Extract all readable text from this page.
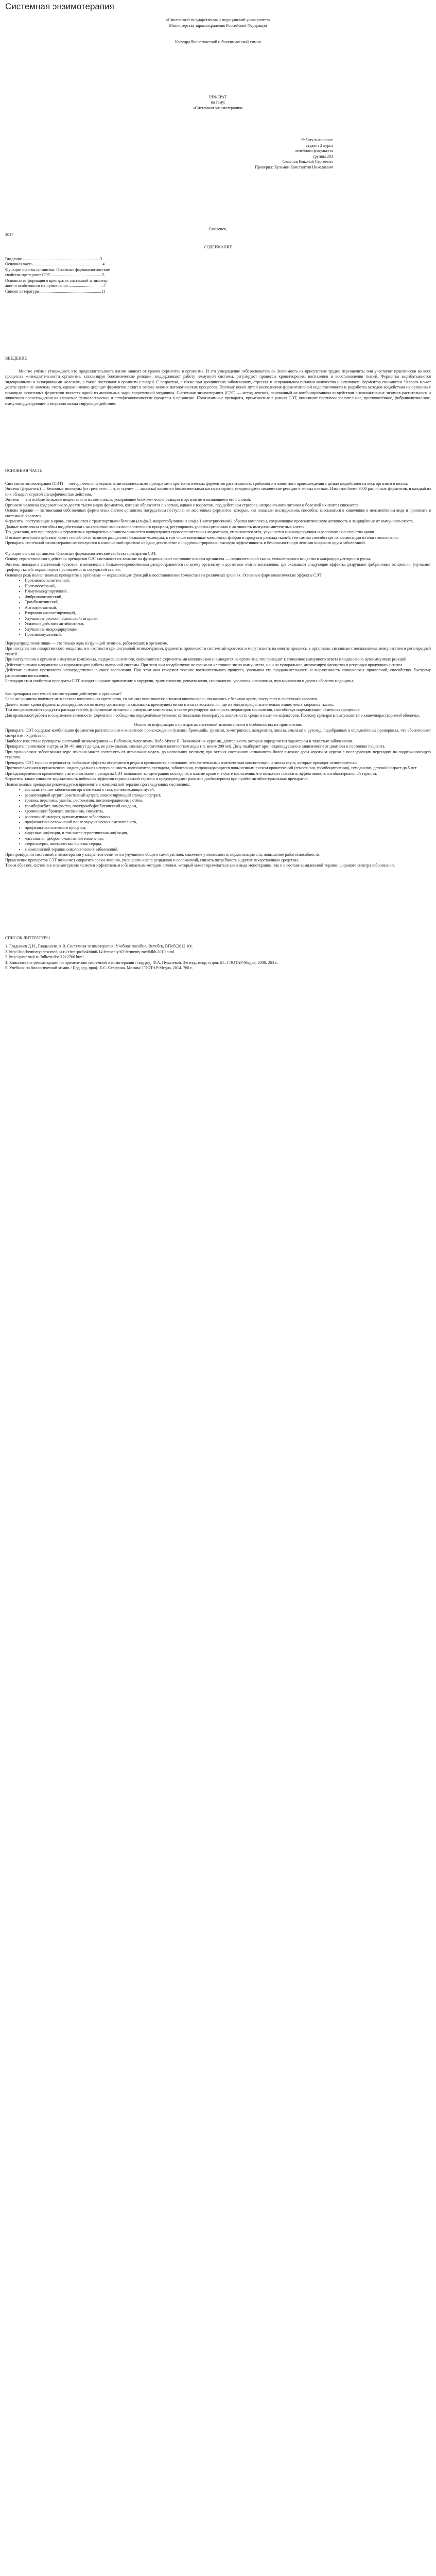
Системная энзимотерапия

«Смоленский государственный медицинский университет»

Министерства здравоохранения Российской Федерации

Кафедра биологической и биохимической химии

РЕФЕРАТ

на тему:

«Системная энзимотерапия»

Работу выполнил:
студент 2 курса
лечебного факультета
группы 203
Семенов Николай Сергеевич
Проверил: Кузьмин Константин Николаевич

Смоленск,

2017

СОДЕРЖАНИЕ

Введение............................................................................3

Основная часть....................................................................4

Функции основы организма. Основные фармакологические

свойства препаратов СЭТ...................................................5

Основная информация о препаратах системной энзимотер

апии и особенности их применения...................................7

Список литературы............................................................11

ВВЕДЕНИЕ

Многие учёные утверждают, что продолжительность жизни зависит от уровня ферментов в организме. И это утверждение небезосновательно. Значимость их присутствия трудно переоценить: они участвуют практически во всех процессах жизнедеятельности организма, катализируя биохимические реакции, поддерживают работу иммунной системы, регулируют процессы кроветворения, воспаления и восстановления тканей. Ферменты вырабатываются эндокринными и экзокринными железами, а также поступают в организм с пищей. С возрастом, а также при хронических заболеваниях, стрессах и неправильном питании количество и активность ферментов снижаются. Человек может долгое время не замечать этого, однако именно дефицит ферментов лежит в основе многих патологических процессов. Поэтому поиск путей восполнения ферментативной недостаточности и разработка методов воздействия на организм с помощью экзогенных ферментов является одной из актуальных задач современной медицины. Системная энзимотерапия (СЭТ) — метод лечения, основанный на комбинированном воздействии высокоактивных энзимов растительного и животного происхождения на ключевые физиологические и патофизиологические процессы в организме. Полиэнзимные препараты, применяемые в рамках СЭТ, оказывают противовоспалительное, противоотёчное, фибринолитическое, иммуномодулирующее и вторично анальгезирующее действие.

ОСНОВНАЯ ЧАСТЬ

Системная энзимотерапия (СЭТ) — метод лечения специальными комплексными препаратами протеолитических ферментов растительного, грибкового и животного происхождения с целью воздействия на весь организм в целом.

Энзимы (ферменты) — белковые молекулы (от греч. «en» — в, и «zyme» — закваска) являются биологическими катализаторами, ускоряющими химические реакции в живых клетках. Известно более 3000 различных ферментов, и каждый из них обладает строгой специфичностью действия.

Энзимы — это особые белковые вещества или их комплексы, ускоряющие биохимические реакции в организме и являющиеся его основой.

Организм человека содержит около десяти тысяч видов ферментов, которые образуются в клетках, однако с возрастом, под действием стрессов, неправильного питания и болезней их синтез снижается.

Основа терапии — активизация собственных ферментных систем организма посредством поступления экзогенных ферментов, которые, как показали исследования, способны всасываться в кишечнике в неизменённом виде и проникать в системный кровоток.

Ферменты, поступающие в кровь, связываются с транспортными белками (альфа-2-макроглобулином и альфа-1-антитрипсином), образуя комплексы, сохраняющие протеолитическую активность и защищённые от иммунного ответа.

Данные комплексы способны воздействовать на ключевые звенья воспалительного процесса, регулировать уровень цитокинов и активность иммунокомпетентных клеток.

Так, доказано, что при введении ферментных препаратов в организм снижается концентрация провоспалительных медиаторов, уменьшается отёк, улучшается микроциркуляция и реологические свойства крови.

В основе лечебного действия лежит способность энзимов расщеплять белковые молекулы, в том числе иммунные комплексы, фибрин и продукты распада тканей, тем самым способствуя их элиминации из очага воспаления.

Препараты системной энзимотерапии используются в клинической практике не одно десятилетие и продемонстрировали высокую эффективность и безопасность при лечении широкого круга заболеваний.

Функции основы организма. Основные фармакологические свойства препаратов СЭТ.

Основу терапевтического действия препаратов СЭТ составляет их влияние на функциональное состояние основы организма — соединительной ткани, межклеточного вещества и микроциркуляторного русла.

Энзимы, попадая в системный кровоток, в комплексе с белками-переносчиками распространяются по всему организму и достигают очагов воспаления, где оказывают следующие эффекты: разрушают фибриновые отложения, улучшают трофику тканей, нормализуют проницаемость сосудистой стенки.

Основная роль полиэнзимных препаратов в организме — нормализация функций и восстановление гомеостаза на различных уровнях. Основные фармакологические эффекты СЭТ:

• Противовоспалительный,
• Противоотёчный,
• Иммуномодулирующий,
• Фибринолитический,
• Тромболитический,
• Антиагрегантный,
• Вторично анальгезирующий,
• Улучшение реологических свойств крови,
• Усиление действия антибиотиков,
• Улучшение микроциркуляции,
• Противоопухолевый.

Перераспределение пищи — это только одна из функций энзимов, работающих в организме.

При поступлении лекарственного вещества, и в частности при системной энзимотерапии, ферменты проникают в системный кровоток и могут влиять на многие процессы в организме, связанные с воспалением, иммунитетом и регенерацией тканей.

При поступлении в организм иммунные комплексы, содержащие антиген, связываются с ферментными комплексами и выводятся из организма, что приводит к снижению иммунного ответа и подавлению аутоиммунных реакций.

Действие энзимов направлено на нормализацию работы иммунной системы. При этом они воздействуют не только на клеточное звено иммунитета, но и на гуморальное, активизируя фагоцитоз и регулируя продукцию антител.

Действие энзимов проявляется непосредственно в очаге воспаления. При этом они ускоряют течение воспалительного процесса, уменьшая его продолжительность и выраженность клинических проявлений, способствуя быстрому разрешению воспаления.

Благодаря этим свойствам препараты СЭТ находят широкое применение в хирургии, травматологии, ревматологии, гинекологии, урологии, ангиологии, пульмонологии и других областях медицины.

Как препараты системной энзимотерапии действуют в организме?

Если же организм получает их в составе комплексных препаратов, то энзимы всасываются в тонком кишечнике и, связавшись с белками крови, поступают в системный кровоток.

Далее с током крови ферменты распределяются по всему организму, накапливаясь преимущественно в очагах воспаления, где их концентрация значительно выше, чем в здоровых тканях.

Там они расщепляют продукты распада тканей, фибриновые отложения, иммунные комплексы, а также регулируют активность медиаторов воспаления, способствуя нормализации обменных процессов.

Для правильной работы и сохранения активности ферментов необходимы определённые условия: оптимальная температура, кислотность среды и наличие кофакторов. Поэтому препараты выпускаются в кишечнорастворимой оболочке.

Основная информация о препаратах системной энзимотерапии и особенностях их применения.

Препараты СЭТ содержат комбинацию ферментов растительного и животного происхождения (папаин, бромелайн, трипсин, химотрипсин, панкреатин, липаза, амилаза) и рутозид, подобранных в определённых пропорциях, что обеспечивает синергизм их действия.

Наиболее известные препараты системной энзимотерапии — Вобэнзим, Флогэнзим, Вобэ-Мугос Е. Назначают их курсами, длительность которых определяется характером и тяжестью заболевания.

Препараты принимают внутрь за 30–40 минут до еды, не разжёвывая, запивая достаточным количеством воды (не менее 200 мл). Дозу подбирает врач индивидуально в зависимости от диагноза и состояния пациента.

При хронических заболеваниях курс лечения может составлять от нескольких недель до нескольких месяцев; при острых состояниях назначаются более высокие дозы коротким курсом с последующим переходом на поддерживающую терапию.

Препараты СЭТ хорошо переносятся, побочные эффекты встречаются редко и проявляются в основном незначительными изменениями консистенции и запаха стула, которые проходят самостоятельно.

Противопоказания к применению: индивидуальная непереносимость компонентов препарата, заболевания, сопровождающиеся повышенным риском кровотечений (гемофилия, тромбоцитопения), гемодиализ, детский возраст до 5 лет.

При одновременном применении с антибиотиками препараты СЭТ повышают концентрацию последних в плазме крови и в очаге воспаления, что позволяет повысить эффективность антибактериальной терапии.

Ферменты также снижают выраженность побочных эффектов гормональной терапии и предупреждают развитие дисбактериоза при приёме антибактериальных препаратов.

Полиэнзимные препараты рекомендуется применять в комплексной терапии при следующих состояниях:

• воспалительные заболевания органов малого таза, мочевыводящих путей,
• ревматоидный артрит, реактивный артрит, анкилозирующий спондилоартрит,
• травмы, переломы, ушибы, растяжения, послеоперационные отёки,
• тромбофлебит, лимфостаз, посттромбофлебитический синдром,
• хронический бронхит, пневмония, синуситы,
• рассеянный склероз, аутоиммунные заболевания,
• профилактика осложнений после хирургических вмешательств,
• профилактика спаечного процесса,
• вирусные инфекции, в том числе герпетическая инфекция,
• мастопатия, фиброзно-кистозные изменения,
• атеросклероз, ишемическая болезнь сердца,
• в комплексной терапии онкологических заболеваний.

При проведении системной энзимотерапии у пациентов отмечается улучшение общего самочувствия, снижение утомляемости, нормализация сна, повышение работоспособности.

Применение препаратов СЭТ позволяет сократить сроки лечения, уменьшить число рецидивов и осложнений, снизить потребность в других лекарственных средствах.

Таким образом, системная энзимотерапия является эффективным и безопасным методом лечения, который может применяться как в виде монотерапии, так и в составе комплексной терапии широкого спектра заболеваний.

СПИСОК ЛИТЕРАТУРЫ

1. Гладышев Д.И., Гладышева А.В. Системная энзимотерапия: Учебное пособие.-Витебск, ВГМУ,2012 10с.
2. http://biochemistry.terra-medica.ru/elect-po-bokhimii/14-fermenty/63-fermenty-medhfkb.2010.html
3. http://pasternak.ru/fulltext/doc/1212766.html
4. Клинические рекомендации по применению системной энзимотерапии / под ред. Ф.А. Пухачевой. 3-е изд., испр. и доп. М.: ГЭОТАР-Медиа, 2008. 264 с.
5. Учебник по биологической химии / Под ред. проф. Е.С. Северина. Москва: ГЭОТАР-Медиа, 2014. 768 с.
